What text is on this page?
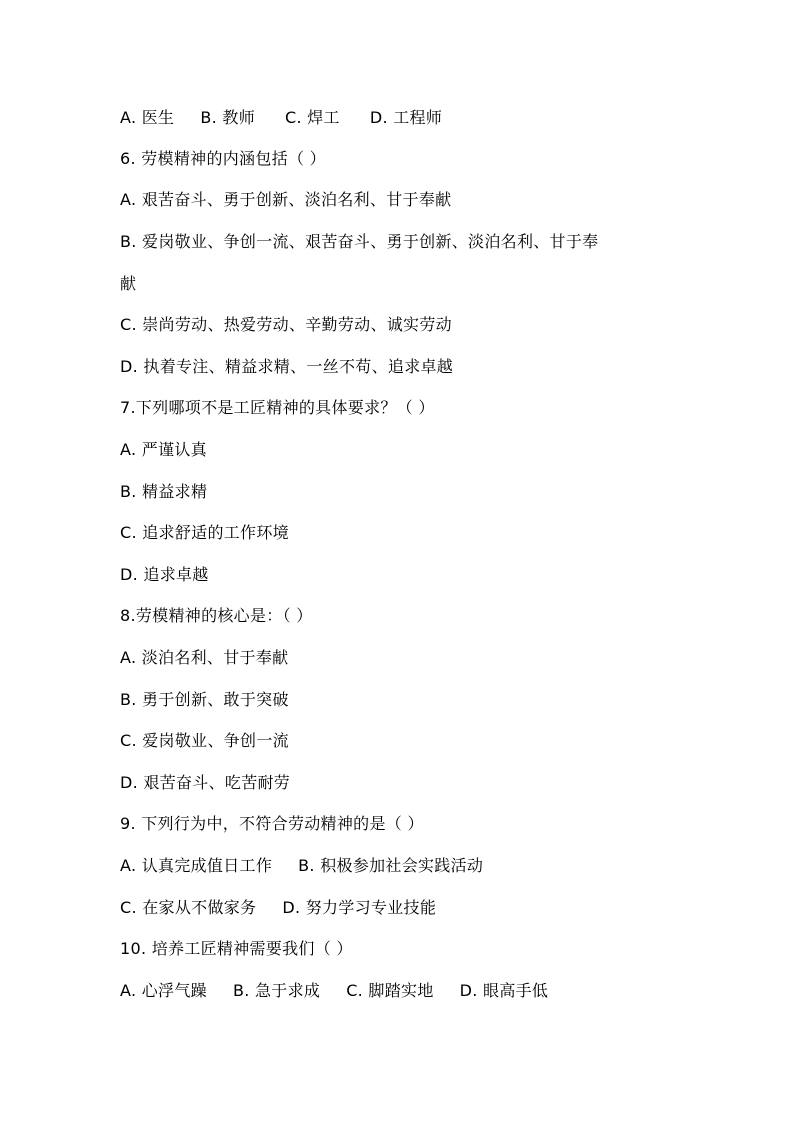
A. 医生 B. 教师 C. 焊工 D. 工程师
6. 劳模精神的内涵包括（ ）
A. 艰苦奋斗、勇于创新、淡泊名利、甘于奉献
B. 爱岗敬业、争创一流、艰苦奋斗、勇于创新、淡泊名利、甘于奉
献
C. 崇尚劳动、热爱劳动、辛勤劳动、诚实劳动
D. 执着专注、精益求精、一丝不苟、追求卓越
7.下列哪项不是工匠精神的具体要求？（ ）
A. 严谨认真
B. 精益求精
C. 追求舒适的工作环境
D. 追求卓越
8.劳模精神的核心是：（ ）
A. 淡泊名利、甘于奉献
B. 勇于创新、敢于突破
C. 爱岗敬业、争创一流
D. 艰苦奋斗、吃苦耐劳
9. 下列行为中，不符合劳动精神的是（ ）
A. 认真完成值日工作 B. 积极参加社会实践活动
C. 在家从不做家务 D. 努力学习专业技能
10. 培养工匠精神需要我们（ ）
A. 心浮气躁 B. 急于求成 C. 脚踏实地 D. 眼高手低
